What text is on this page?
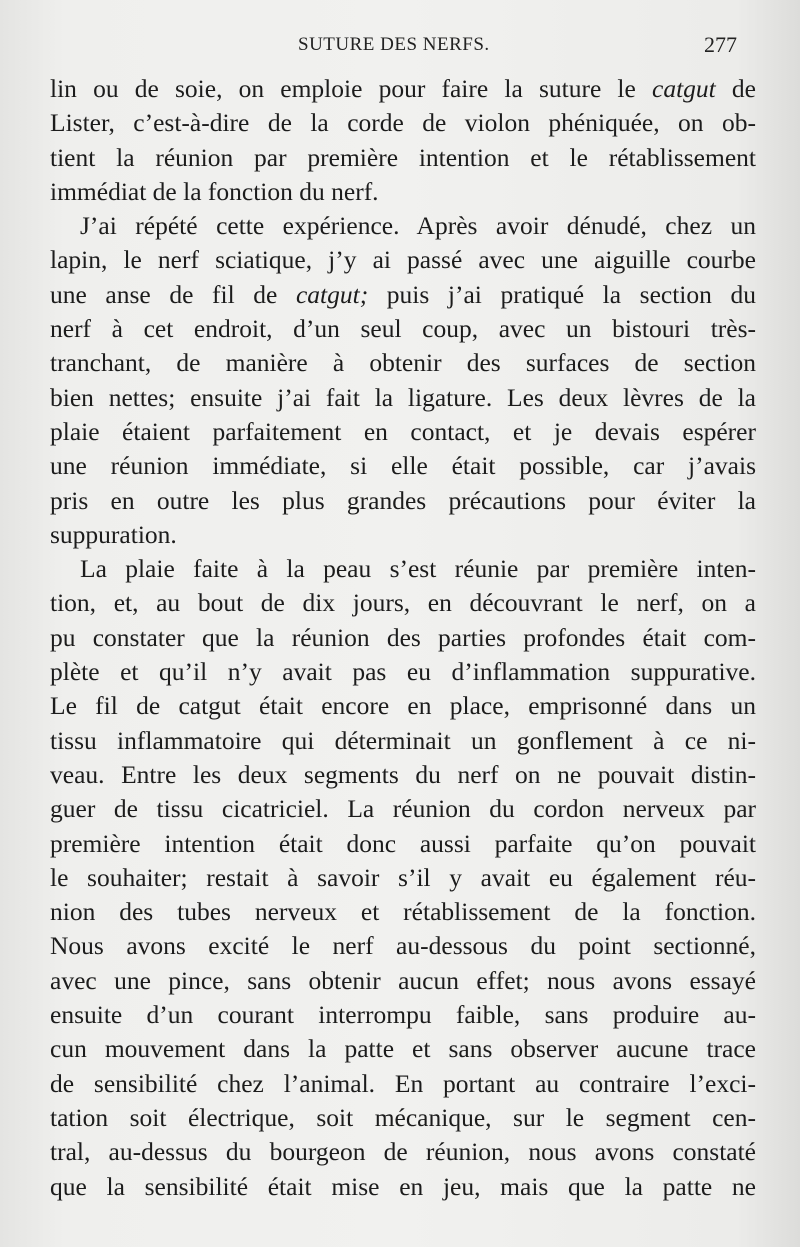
SUTURE DES NERFS.	277
lin ou de soie, on emploie pour faire la suture le catgut de
Lister, c’est-à-dire de la corde de violon phéniquée, on ob-
tient la réunion par première intention et le rétablissement
immédiat de la fonction du nerf.
J’ai répété cette expérience. Après avoir dénudé, chez un
lapin, le nerf sciatique, j’y ai passé avec une aiguille courbe
une anse de fil de catgut; puis j’ai pratiqué la section du
nerf à cet endroit, d’un seul coup, avec un bistouri très-
tranchant, de manière à obtenir des surfaces de section
bien nettes; ensuite j’ai fait la ligature. Les deux lèvres de la
plaie étaient parfaitement en contact, et je devais espérer
une réunion immédiate, si elle était possible, car j’avais
pris en outre les plus grandes précautions pour éviter la
suppuration.
La plaie faite à la peau s’est réunie par première inten-
tion, et, au bout de dix jours, en découvrant le nerf, on a
pu constater que la réunion des parties profondes était com-
plète et qu’il n’y avait pas eu d’inflammation suppurative.
Le fil de catgut était encore en place, emprisonné dans un
tissu inflammatoire qui déterminait un gonflement à ce ni-
veau. Entre les deux segments du nerf on ne pouvait distin-
guer de tissu cicatriciel. La réunion du cordon nerveux par
première intention était donc aussi parfaite qu’on pouvait
le souhaiter; restait à savoir s’il y avait eu également réu-
nion des tubes nerveux et rétablissement de la fonction.
Nous avons excité le nerf au-dessous du point sectionné,
avec une pince, sans obtenir aucun effet; nous avons essayé
ensuite d’un courant interrompu faible, sans produire au-
cun mouvement dans la patte et sans observer aucune trace
de sensibilité chez l’animal. En portant au contraire l’exci-
tation soit électrique, soit mécanique, sur le segment cen-
tral, au-dessus du bourgeon de réunion, nous avons constaté
que la sensibilité était mise en jeu, mais que la patte ne
